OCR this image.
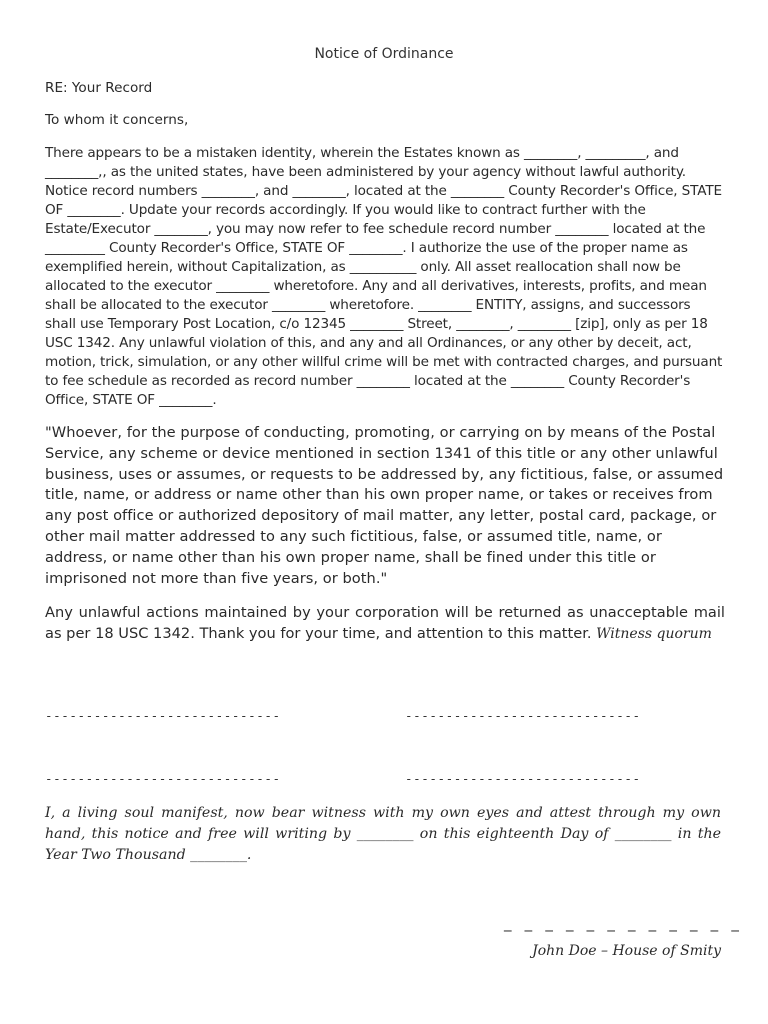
Notice of Ordinance
RE: Your Record
To whom it concerns,
There appears to be a mistaken identity, wherein the Estates known as ________, _________, and ________,, as the united states, have been administered by your agency without lawful authority. Notice record numbers ________, and ________, located at the ________ County Recorder's Office, STATE OF ________. Update your records accordingly. If you would like to contract further with the Estate/Executor ________, you may now refer to fee schedule record number ________ located at the _________ County Recorder's Office, STATE OF ________. I authorize the use of the proper name as exemplified herein, without Capitalization, as __________ only. All asset reallocation shall now be allocated to the executor ________ wheretofore. Any and all derivatives, interests, profits, and mean shall be allocated to the executor ________ wheretofore. ________ ENTITY, assigns, and successors shall use Temporary Post Location, c/o 12345 ________ Street, ________, ________ [zip], only as per 18 USC 1342. Any unlawful violation of this, and any and all Ordinances, or any other by deceit, act, motion, trick, simulation, or any other willful crime will be met with contracted charges, and pursuant to fee schedule as recorded as record number ________ located at the ________ County Recorder's Office, STATE OF ________.
"Whoever, for the purpose of conducting, promoting, or carrying on by means of the Postal Service, any scheme or device mentioned in section 1341 of this title or any other unlawful business, uses or assumes, or requests to be addressed by, any fictitious, false, or assumed title, name, or address or name other than his own proper name, or takes or receives from any post office or authorized depository of mail matter, any letter, postal card, package, or other mail matter addressed to any such fictitious, false, or assumed title, name, or address, or name other than his own proper name, shall be fined under this title or imprisoned not more than five years, or both."
Any unlawful actions maintained by your corporation will be returned as unacceptable mail as per 18 USC 1342. Thank you for your time, and attention to this matter. Witness quorum
-----------------------------	-----------------------------
-----------------------------	-----------------------------
I, a living soul manifest, now bear witness with my own eyes and attest through my own hand, this notice and free will writing by ________ on this eighteenth Day of ________ in the Year Two Thousand ________.
_ _ _ _ _ _ _ _ _ _ _ _
John Doe – House of Smity
